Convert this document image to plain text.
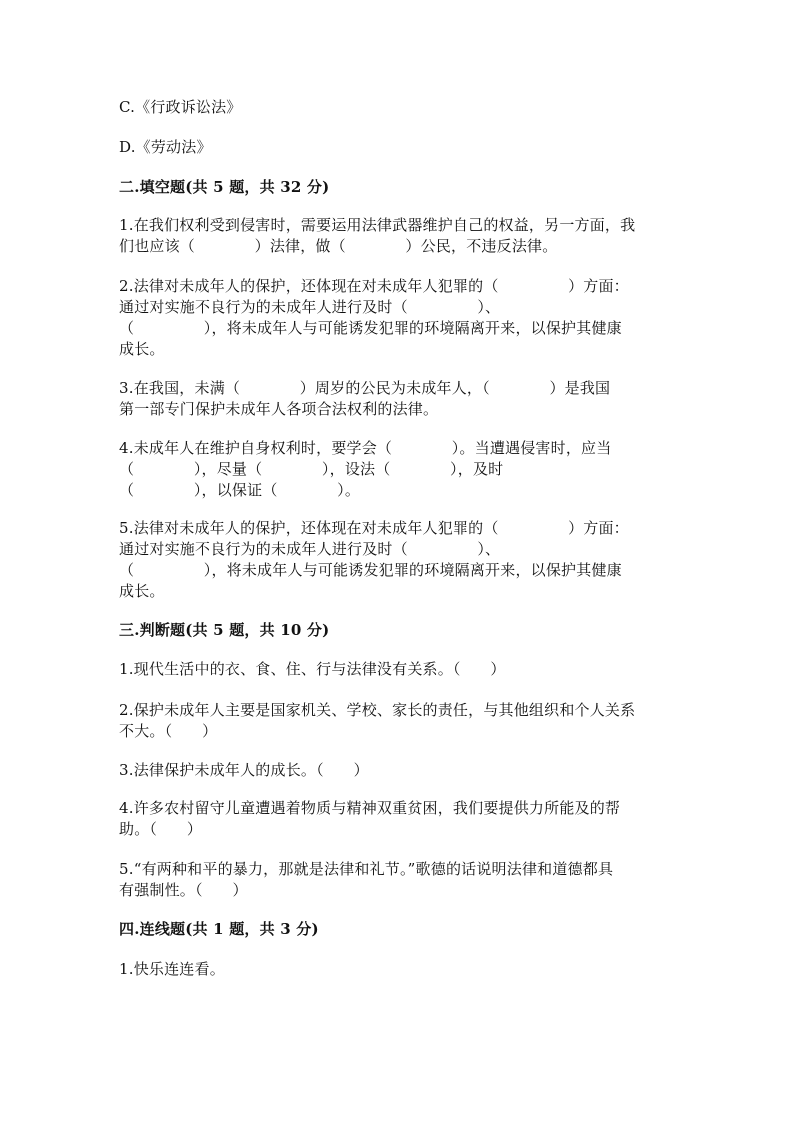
C.《行政诉讼法》
D.《劳动法》
二.填空题(共 5 题，共 32 分)
1.在我们权利受到侵害时，需要运用法律武器维护自己的权益，另一方面，我
们也应该（            ）法律，做（            ）公民，不违反法律。
2.法律对未成年人的保护，还体现在对未成年人犯罪的（              ）方面：
通过对实施不良行为的未成年人进行及时（              ）、
（              ），将未成年人与可能诱发犯罪的环境隔离开来，以保护其健康
成长。
3.在我国，未满（            ）周岁的公民为未成年人，（            ）是我国
第一部专门保护未成年人各项合法权利的法律。
4.未成年人在维护自身权利时，要学会（            ）。当遭遇侵害时，应当
（            ），尽量（            ），设法（            ），及时
（            ），以保证（            ）。
5.法律对未成年人的保护，还体现在对未成年人犯罪的（              ）方面：
通过对实施不良行为的未成年人进行及时（              ）、
（              ），将未成年人与可能诱发犯罪的环境隔离开来，以保护其健康
成长。
三.判断题(共 5 题，共 10 分)
1.现代生活中的衣、食、住、行与法律没有关系。（      ）
2.保护未成年人主要是国家机关、学校、家长的责任，与其他组织和个人关系
不大。（      ）
3.法律保护未成年人的成长。（      ）
4.许多农村留守儿童遭遇着物质与精神双重贫困，我们要提供力所能及的帮
助。（      ）
5.“有两种和平的暴力，那就是法律和礼节。”歌德的话说明法律和道德都具
有强制性。（      ）
四.连线题(共 1 题，共 3 分)
1.快乐连连看。
